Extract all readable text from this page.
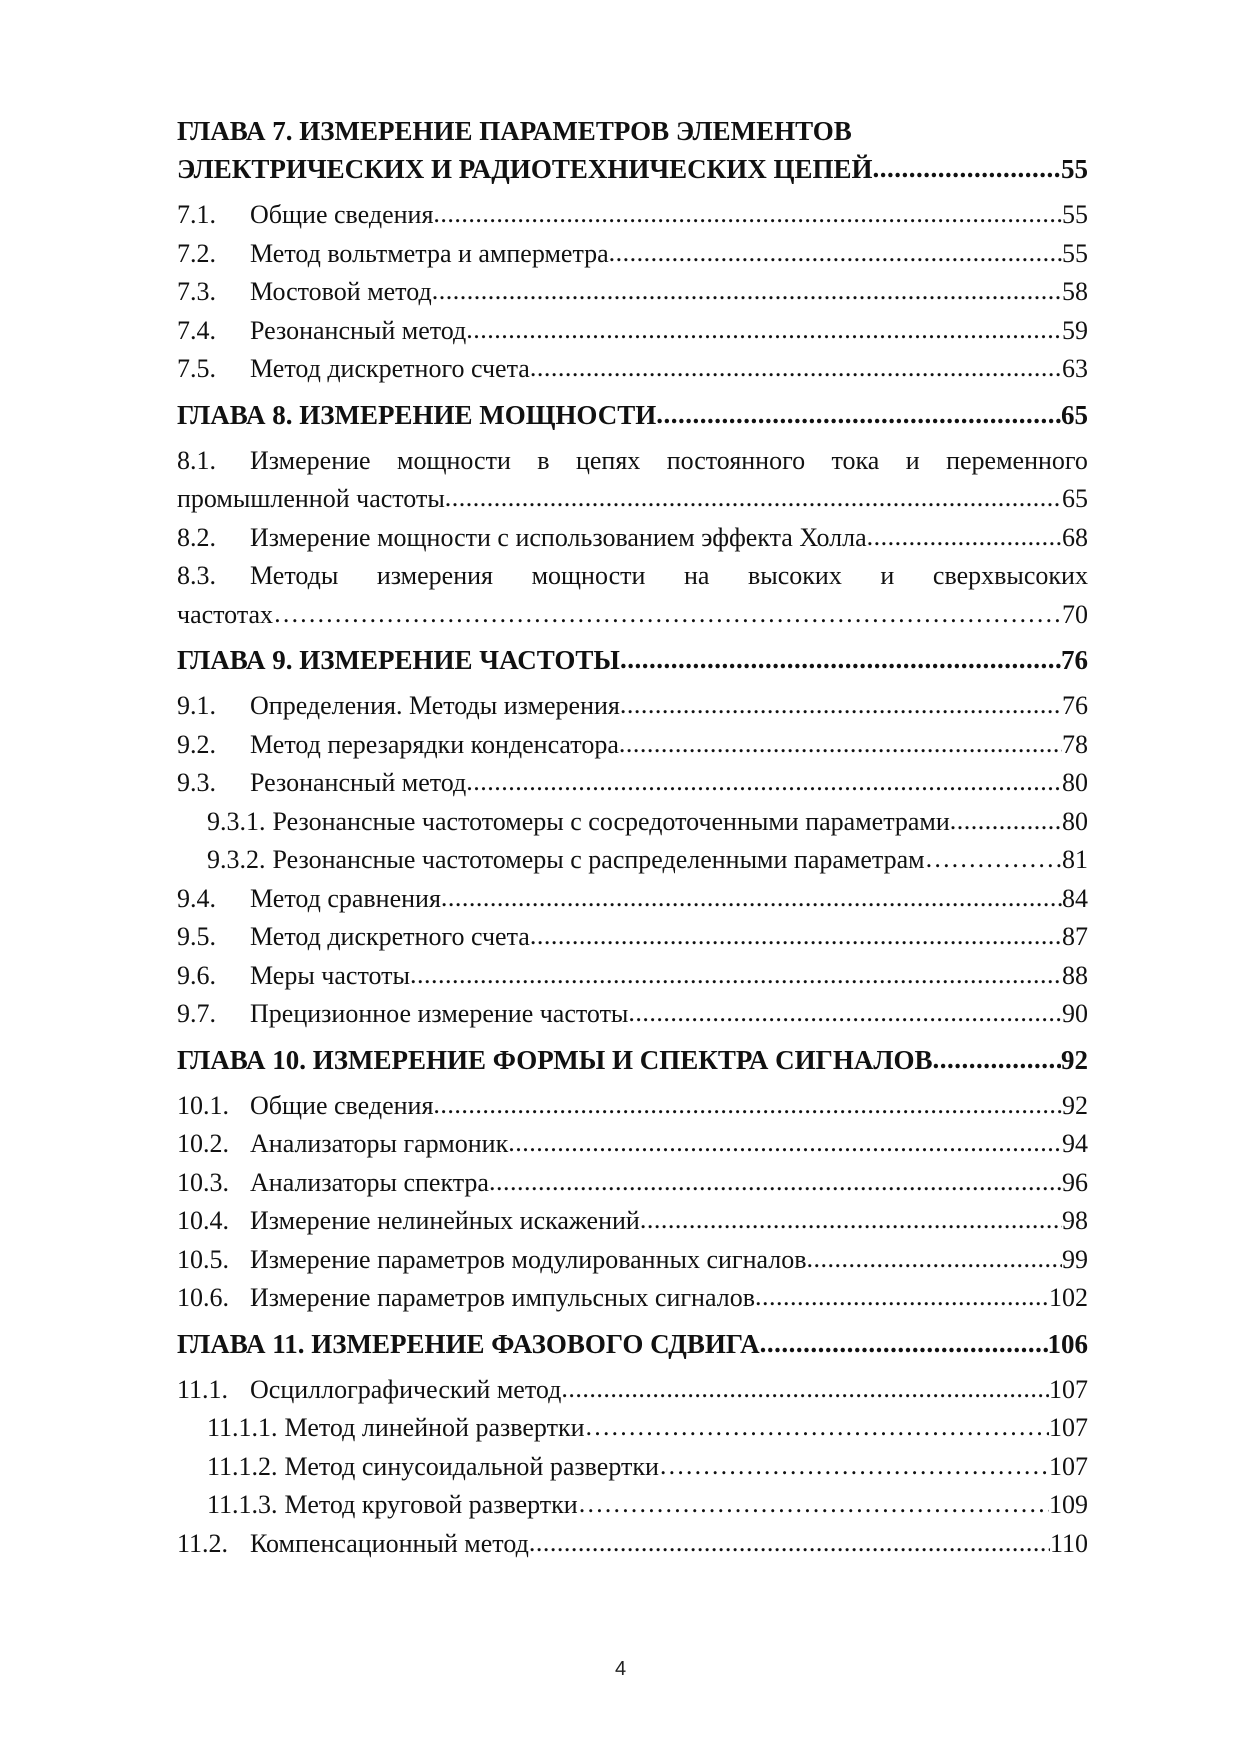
ГЛАВА 7. ИЗМЕРЕНИЕ ПАРАМЕТРОВ ЭЛЕМЕНТОВ
ЭЛЕКТРИЧЕСКИХ И РАДИОТЕХНИЧЕСКИХ ЦЕПЕЙ .....	55
7.1.	Общие сведения .....	55
7.2.	Метод вольтметра и амперметра .....	55
7.3.	Мостовой метод .....	58
7.4.	Резонансный метод .....	59
7.5.	Метод дискретного счета .....	63
ГЛАВА 8. ИЗМЕРЕНИЕ МОЩНОСТИ .....	65
8.1.	Измерение мощности в цепях постоянного тока и переменного
промышленной частоты .....	65
8.2.	Измерение мощности с использованием эффекта Холла .....	68
8.3.	Методы измерения мощности на высоких и сверхвысоких
частотах ……………………………………………………………………………………………………………………………………………………………………………………………………………	70
ГЛАВА 9. ИЗМЕРЕНИЕ ЧАСТОТЫ .....	76
9.1.	Определения. Методы измерения .....	76
9.2.	Метод перезарядки конденсатора .....	78
9.3.	Резонансный метод .....	80
9.3.1. Резонансные частотомеры с сосредоточенными параметрами .....	80
9.3.2. Резонансные частотомеры с распределенными параметрам ……………………………………………………………………………………………………………………………………………………………………………………………………………	81
9.4.	Метод сравнения .....	84
9.5.	Метод дискретного счета .....	87
9.6.	Меры частоты .....	88
9.7.	Прецизионное измерение частоты .....	90
ГЛАВА 10. ИЗМЕРЕНИЕ ФОРМЫ И СПЕКТРА СИГНАЛОВ .....	92
10.1. Общие сведения .....	92
10.2. Анализаторы гармоник .....	94
10.3. Анализаторы спектра .....	96
10.4. Измерение нелинейных искажений .....	98
10.5. Измерение параметров модулированных сигналов .....	99
10.6. Измерение параметров импульсных сигналов .....	102
ГЛАВА 11. ИЗМЕРЕНИЕ ФАЗОВОГО СДВИГА .....	106
11.1. Осциллографический метод .....	107
11.1.1. Метод линейной развертки ……………………………………………………………………………………………………………………………………………………………………………………………………………	107
11.1.2. Метод синусоидальной развертки ……………………………………………………………………………………………………………………………………………………………………………………………………………	107
11.1.3. Метод круговой развертки ……………………………………………………………………………………………………………………………………………………………………………………………………………	109
11.2. Компенсационный метод .....	110
4
